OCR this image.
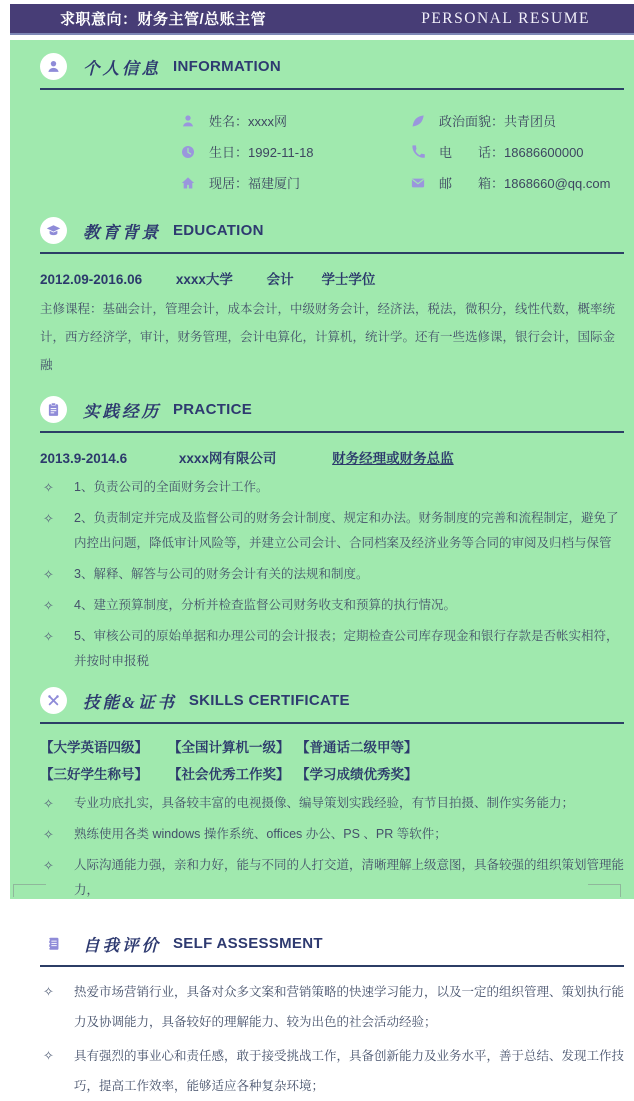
求职意向：财务主管/总账主管	PERSONAL RESUME
个人信息 INFORMATION
姓名：xxxx网	政治面貌：共青团员
生日：1992-11-18	电　　话：18686600000
现居：福建厦门	邮　　箱：1868660@qq.com
教育背景 EDUCATION
2012.09-2016.06	xxxx大学	会计 学士学位
主修课程：基础会计，管理会计，成本会计，中级财务会计，经济法，税法，微积分，线性代数，概率统计，西方经济学，审计，财务管理，会计电算化，计算机，统计学。还有一些选修课，银行会计，国际金融
实践经历 PRACTICE
2013.9-2014.6	xxxx网有限公司	财务经理或财务总监
✧ 1、负责公司的全面财务会计工作。
✧ 2、负责制定并完成及监督公司的财务会计制度、规定和办法。财务制度的完善和流程制定，避免了内控出问题，降低审计风险等，并建立公司会计、合同档案及经济业务等合同的审阅及归档与保管
✧ 3、解释、解答与公司的财务会计有关的法规和制度。
✧ 4、建立预算制度，分析并检查监督公司财务收支和预算的执行情况。
✧ 5、审核公司的原始单据和办理公司的会计报表；定期检查公司库存现金和银行存款是否帐实相符，并按时申报税
技能&证书 SKILLS CERTIFICATE
【大学英语四级】	【全国计算机一级】 【普通话二级甲等】
【三好学生称号】	【社会优秀工作奖】 【学习成绩优秀奖】
✧ 专业功底扎实，具备较丰富的电视摄像、编导策划实践经验，有节目拍摄、制作实务能力；
✧ 熟练使用各类 windows 操作系统、offices 办公、PS 、PR 等软件；
✧ 人际沟通能力强，亲和力好，能与不同的人打交道，清晰理解上级意图，具备较强的组织策划管理能力，
自我评价 SELF ASSESSMENT
✧ 热爱市场营销行业，具备对众多文案和营销策略的快速学习能力，以及一定的组织管理、策划执行能力及协调能力，具备较好的理解能力、较为出色的社会活动经验；
✧ 具有强烈的事业心和责任感，敢于接受挑战工作，具备创新能力及业务水平，善于总结、发现工作技巧，提高工作效率，能够适应各种复杂环境；
